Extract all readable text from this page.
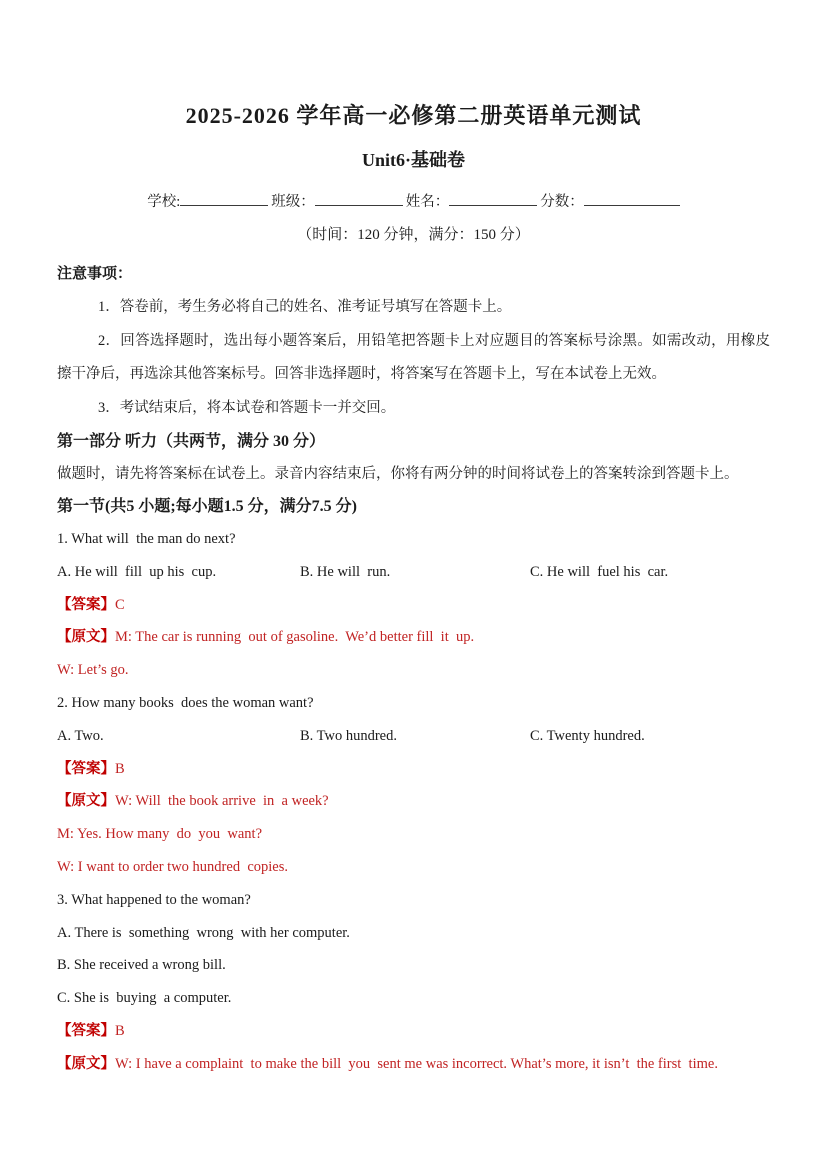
2025-2026 学年高一必修第二册英语单元测试
Unit6·基础卷
学校:	班级：	姓名：	分数：
（时间：120 分钟，满分：150 分）
注意事项：

1．答卷前，考生务必将自己的姓名、准考证号填写在答题卡上。

2．回答选择题时，选出每小题答案后，用铅笔把答题卡上对应题目的答案标号涂黑。如需改动，用橡皮擦干净后，再选涂其他答案标号。回答非选择题时，将答案写在答题卡上，写在本试卷上无效。

3．考试结束后，将本试卷和答题卡一并交回。

第一部分 听力（共两节，满分 30 分）

做题时，请先将答案标在试卷上。录音内容结束后，你将有两分钟的时间将试卷上的答案转涂到答题卡上。

第一节(共5 小题;每小题1.5 分，满分7.5 分)
1. What will  the man do next?
A. He will  fill  up his  cup.	B. He will  run.	C. He will  fuel his  car.
【答案】C
【原文】M: The car is running  out of gasoline.  We’d better fill  it  up.
W: Let’s go.
2. How many books  does the woman want?
A. Two.	B. Two hundred.	C. Twenty hundred.
【答案】B
【原文】W: Will  the book arrive  in  a week?
M: Yes. How many  do  you  want?
W: I want to order two hundred  copies.
3. What happened to the woman?
A. There is  something  wrong  with her computer.
B. She received a wrong bill.
C. She is  buying  a computer.
【答案】B
【原文】W: I have a complaint  to make the bill  you  sent me was incorrect. What’s more, it isn’t  the first  time.
